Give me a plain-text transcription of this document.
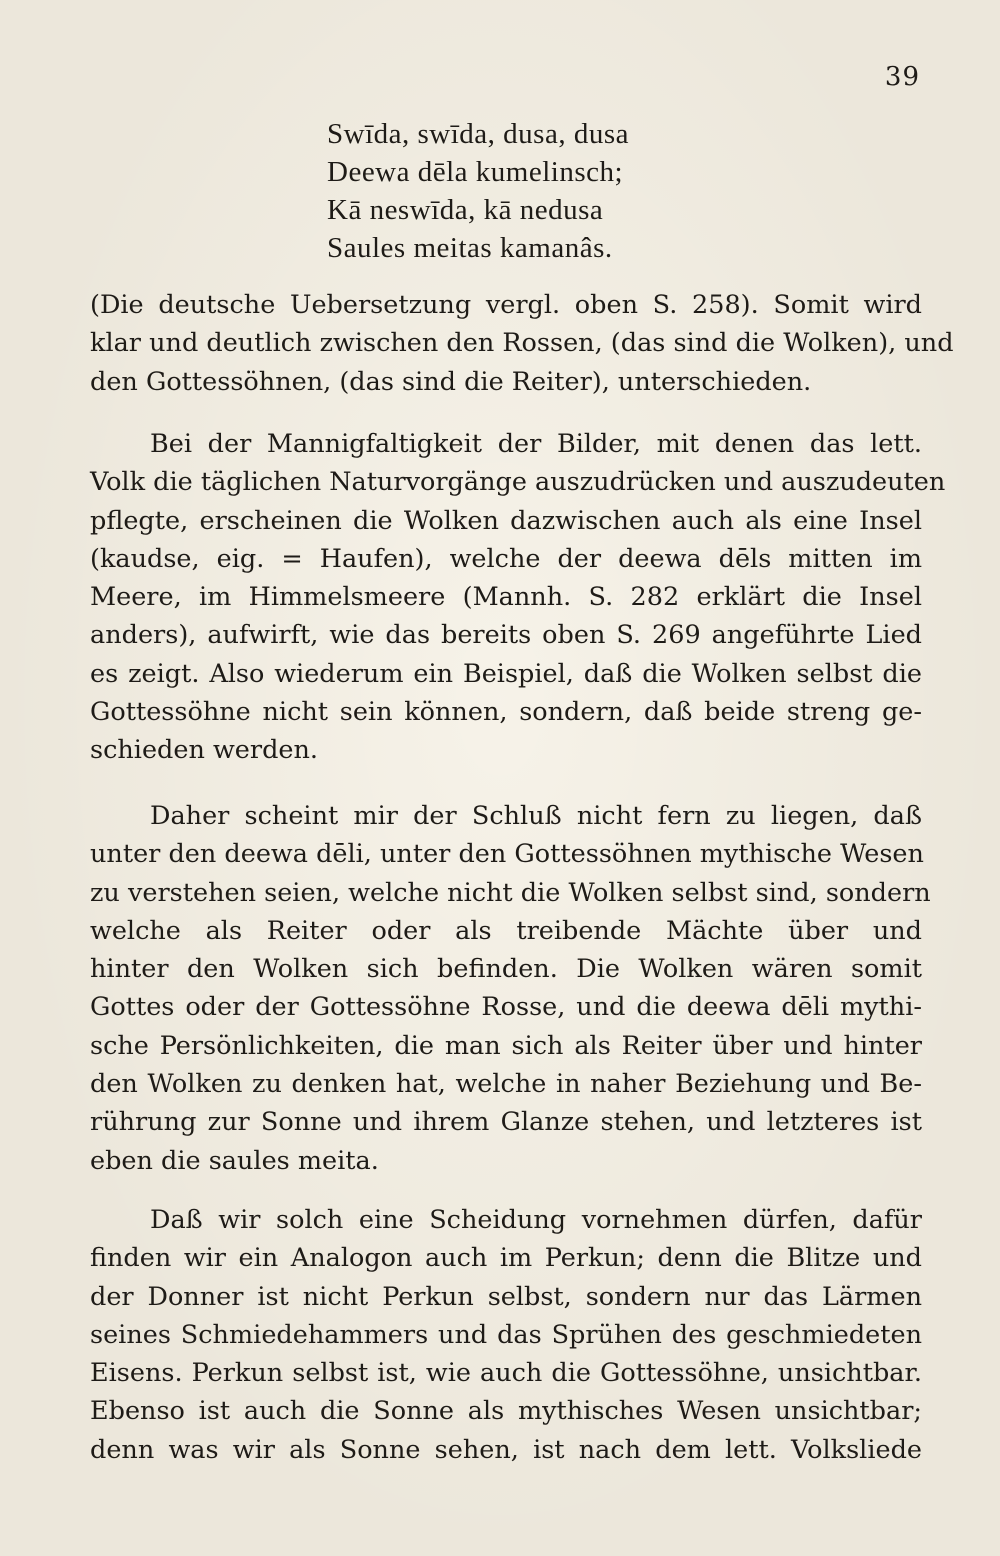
39
Swīda, swīda, dusa, dusa
Deewa dēla kumelinsch;
Kā neswīda, kā nedusa
Saules meitas kamanâs.
(Die deutsche Uebersetzung vergl. oben S. 258). Somit wird
klar und deutlich zwischen den Rossen, (das sind die Wolken), und
den Gottessöhnen, (das sind die Reiter), unterschieden.
Bei der Mannigfaltigkeit der Bilder, mit denen das lett.
Volk die täglichen Naturvorgänge auszudrücken und auszudeuten
pflegte, erscheinen die Wolken dazwischen auch als eine Insel
(kaudse, eig. = Haufen), welche der deewa dēls mitten im
Meere, im Himmelsmeere (Mannh. S. 282 erklärt die Insel
anders), aufwirft, wie das bereits oben S. 269 angeführte Lied
es zeigt. Also wiederum ein Beispiel, daß die Wolken selbst die
Gottessöhne nicht sein können, sondern, daß beide streng ge-
schieden werden.
Daher scheint mir der Schluß nicht fern zu liegen, daß
unter den deewa dēli, unter den Gottessöhnen mythische Wesen
zu verstehen seien, welche nicht die Wolken selbst sind, sondern
welche als Reiter oder als treibende Mächte über und
hinter den Wolken sich befinden. Die Wolken wären somit
Gottes oder der Gottessöhne Rosse, und die deewa dēli mythi-
sche Persönlichkeiten, die man sich als Reiter über und hinter
den Wolken zu denken hat, welche in naher Beziehung und Be-
rührung zur Sonne und ihrem Glanze stehen, und letzteres ist
eben die saules meita.
Daß wir solch eine Scheidung vornehmen dürfen, dafür
finden wir ein Analogon auch im Perkun; denn die Blitze und
der Donner ist nicht Perkun selbst, sondern nur das Lärmen
seines Schmiedehammers und das Sprühen des geschmiedeten
Eisens. Perkun selbst ist, wie auch die Gottessöhne, unsichtbar.
Ebenso ist auch die Sonne als mythisches Wesen unsichtbar;
denn was wir als Sonne sehen, ist nach dem lett. Volksliede
